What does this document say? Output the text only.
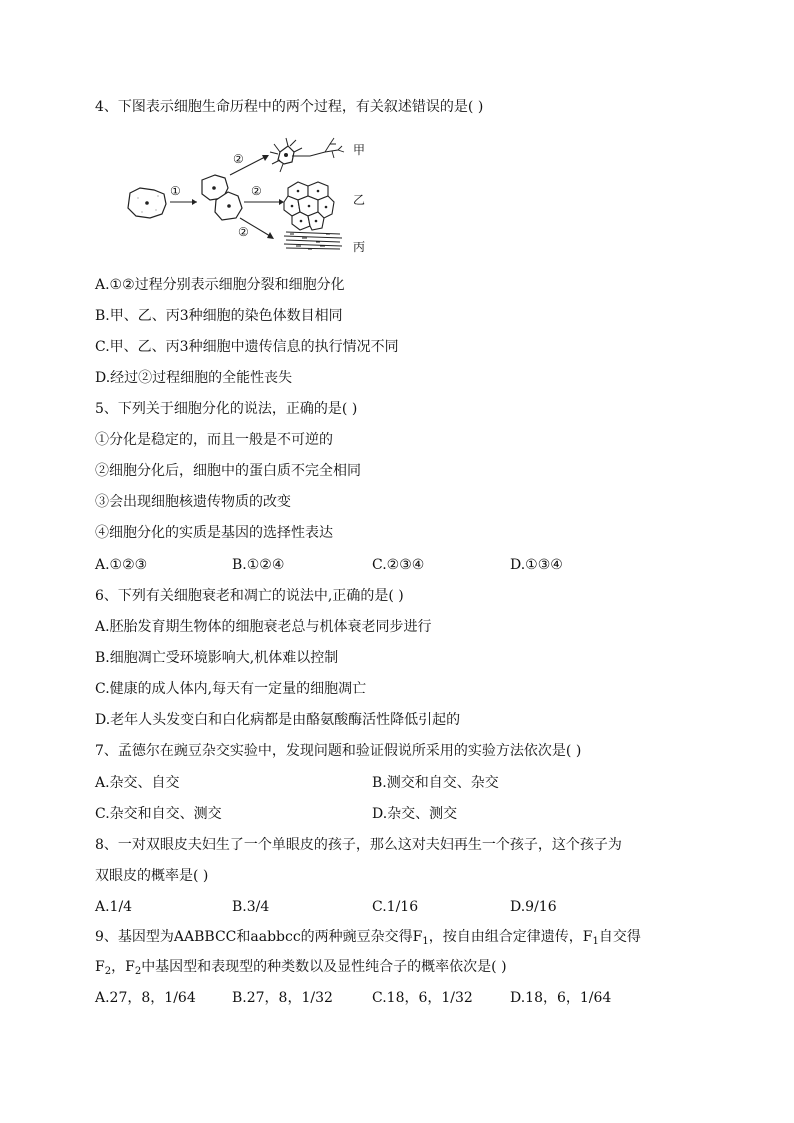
4、下图表示细胞生命历程中的两个过程，有关叙述错误的是( )
①
②
②
②
甲
乙
丙
A.①②过程分别表示细胞分裂和细胞分化
B.甲、乙、丙3种细胞的染色体数目相同
C.甲、乙、丙3种细胞中遗传信息的执行情况不同
D.经过②过程细胞的全能性丧失
5、下列关于细胞分化的说法，正确的是( )
①分化是稳定的，而且一般是不可逆的
②细胞分化后，细胞中的蛋白质不完全相同
③会出现细胞核遗传物质的改变
④细胞分化的实质是基因的选择性表达
A.①②③	B.①②④	C.②③④	D.①③④
6、下列有关细胞衰老和凋亡的说法中,正确的是( )
A.胚胎发育期生物体的细胞衰老总与机体衰老同步进行
B.细胞凋亡受环境影响大,机体难以控制
C.健康的成人体内,每天有一定量的细胞凋亡
D.老年人头发变白和白化病都是由酪氨酸酶活性降低引起的
7、孟德尔在豌豆杂交实验中，发现问题和验证假说所采用的实验方法依次是( )
A.杂交、自交	B.测交和自交、杂交
C.杂交和自交、测交	D.杂交、测交
8、一对双眼皮夫妇生了一个单眼皮的孩子，那么这对夫妇再生一个孩子，这个孩子为
双眼皮的概率是( )
A.1/4	B.3/4	C.1/16	D.9/16
9、基因型为AABBCC和aabbcc的两种豌豆杂交得$F_1$，按自由组合定律遗传，$F_1$自交得
$F_2$，$F_2$中基因型和表现型的种类数以及显性纯合子的概率依次是( )
A.27，8，1/64	B.27，8，1/32	C.18，6，1/32	D.18，6，1/64
